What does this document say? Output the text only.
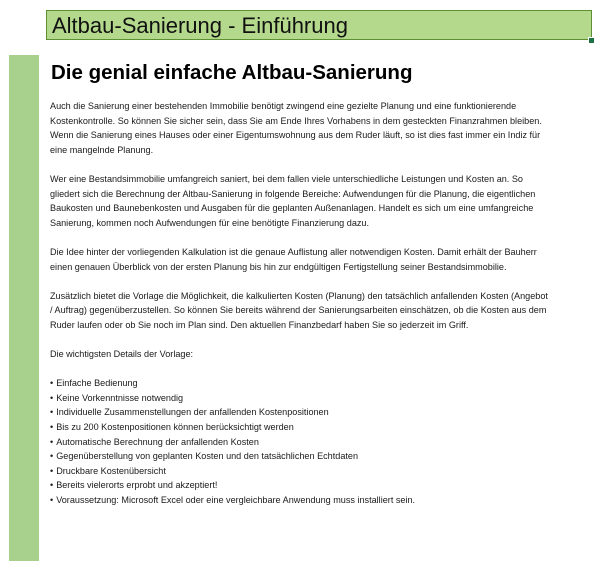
Altbau-Sanierung - Einführung
Die genial einfache Altbau-Sanierung

Auch die Sanierung einer bestehenden Immobilie benötigt zwingend eine gezielte Planung und eine funktionierende Kostenkontrolle. So können Sie sicher sein, dass Sie am Ende Ihres Vorhabens in dem gesteckten Finanzrahmen bleiben. Wenn die Sanierung eines Hauses oder einer Eigentumswohnung aus dem Ruder läuft, so ist dies fast immer ein Indiz für eine mangelnde Planung.

Wer eine Bestandsimmobilie umfangreich saniert, bei dem fallen viele unterschiedliche Leistungen und Kosten an. So gliedert sich die Berechnung der Altbau-Sanierung in folgende Bereiche: Aufwendungen für die Planung, die eigentlichen Baukosten und Baunebenkosten und Ausgaben für die geplanten Außenanlagen. Handelt es sich um eine umfangreiche Sanierung, kommen noch Aufwendungen für eine benötigte Finanzierung dazu.

Die Idee hinter der vorliegenden Kalkulation ist die genaue Auflistung aller notwendigen Kosten. Damit erhält der Bauherr einen genauen Überblick von der ersten Planung bis hin zur endgültigen Fertigstellung seiner Bestandsimmobilie.

Zusätzlich bietet die Vorlage die Möglichkeit, die kalkulierten Kosten (Planung) den tatsächlich anfallenden Kosten (Angebot / Auftrag) gegenüberzustellen. So können Sie bereits während der Sanierungsarbeiten einschätzen, ob die Kosten aus dem Ruder laufen oder ob Sie noch im Plan sind. Den aktuellen Finanzbedarf haben Sie so jederzeit im Griff.

Die wichtigsten Details der Vorlage:

• Einfache Bedienung
• Keine Vorkenntnisse notwendig
• Individuelle Zusammenstellungen der anfallenden Kostenpositionen
• Bis zu 200 Kostenpositionen können berücksichtigt werden
• Automatische Berechnung der anfallenden Kosten
• Gegenüberstellung von geplanten Kosten und den tatsächlichen Echtdaten
• Druckbare Kostenübersicht
• Bereits vielerorts erprobt und akzeptiert!
• Voraussetzung: Microsoft Excel oder eine vergleichbare Anwendung muss installiert sein.
